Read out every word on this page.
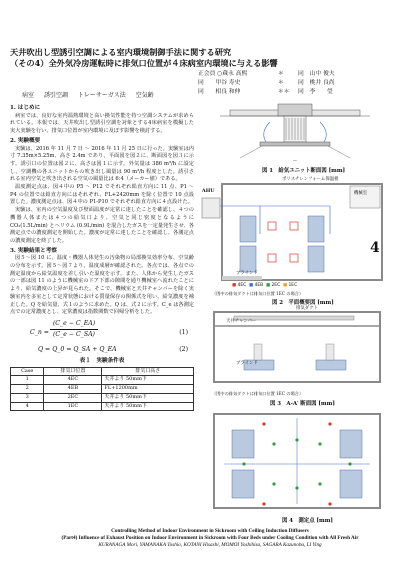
天井吹出し型誘引空調による室内環境制御手法に関する研究
（その4）全外気冷房運転時に排気口位置が４床病室内環境に与える影響
正会員 ○蔵永 高熙	＊	同　山中 俊夫
同　　 甲谷 寿史	＊	同　桃井 良尚
同　　 相良 和伸	＊＊	同　李　　瑩
病室 誘引空調 トレーサーガス法 空気齢
1. はじめに
病室では、良好な室内温熱環境と高い換気性能を持つ空調システムが求められている。本報では、天井吹出し型誘引空調を対象とする4床病室を模擬した実大実験を行い、排気口位置が室内環境に及ぼす影響を検討する。
2. 実験概要
実験は、2016 年 11 月 7 日 ～ 2016 年 11 月 25 日に行った。実験室は内寸 7.35m×5.25m、高さ 2.4m であり、平面図を図２に、断面図を図３に示す。誘引口の位置は図２に、高さは図１に示す。外気量は 386 m³/h に設定し、空調機の各ユニットからの吹き出し風量は 90 m³/h 程度とした。誘引される室内空気と吹き出される空気の風量比は 6:4（メーカー値）である。
温度測定点は、図４中の P5 ～ P12 でそれぞれ鉛直方向に 11 点、P1 ～ P4 の位置では鉛直方向にはそれぞれ、FL+2420mm を除く位置で 10 点設置した。濃度測定点は、図４中の P1-P10 でそれぞれ鉛直方向に４点設けた。
実験は、室内の空気温度及び壁面温度が定常に達したことを確認し、４つの機器人体または４つの給気口より、空気と同じ密度となるように CO₂(1.5L/min) とヘリウム (0.9L/min) を混合したガスを一定量発生させ、各測定点での濃度測定を開始した。濃度が定常に達したことを確認し、各測定点の濃度測定を終了した。
3. 実験結果と考察
図５～図 10 に、温度・機器人体発生の汚染物の局部換気効率分布、空気齢の分布を示す。図５～図７より、温度成層が確認された。各点では、各点での測定温度から給気温度を差し引いた温度を示す。また、人体から発生したガスの一部は図 11 のように機械室のドア下部の隙間を通り機械室へ流れたことにより、給気濃度の上昇が見られた。そこで、機械室と天井チャンバーを除く実験室内を多室として定常状態における質量保存の関係式を用い、給気濃度を補正した。Q を給気量、式１のように求めた。Q は、式２に示す。C_e は各測定点での定常濃度とし、定常濃度は指数関数で回帰分析をした。
C_n = $\frac{(C\_e - C\_EA)}{(C\_e - C\_SA)}$	(1)
Q = Q_0 = Q_SA + Q_EA	(2)
表１　実験条件表
Case	排気口位置	排気口高さ
1	4EC	天井より 50mm下
2	4EB	FL+1200mm
3	2EC	天井より 50mm下
4	1EC	天井より 50mm下
—
図 1　給気ユニット断面図 [mm]
AHU
ポリスチレンフォーム保温板
機械室
ブラインド
4
■ 4EC ■ 4EB ■ 2EC ■ 1EC
（図中の排気ダクトは排気口位置 1EC の場合）
図 2　平面概要図 [mm]
排気ダクト
天井チャンバー
ブラインド
（図中の排気ダクトは排気口位置 1EC の場合）
図 3　A-A′ 断面図 [mm]
図 4　測定点 [mm]
Controlling Method of Indoor Environment in Sickroom with Ceiling Induction Diffusers
(Part4) Influence of Exhaust Position on Indoor Environment in Sickroom with Four Beds under Cooling Condition with All Fresh Air
KURANAGA Mori, YAMANAKA Toshio, KOTANI Hisashi, MOMOI Yoshihisa, SAGARA Kazunobu, LI Ying
